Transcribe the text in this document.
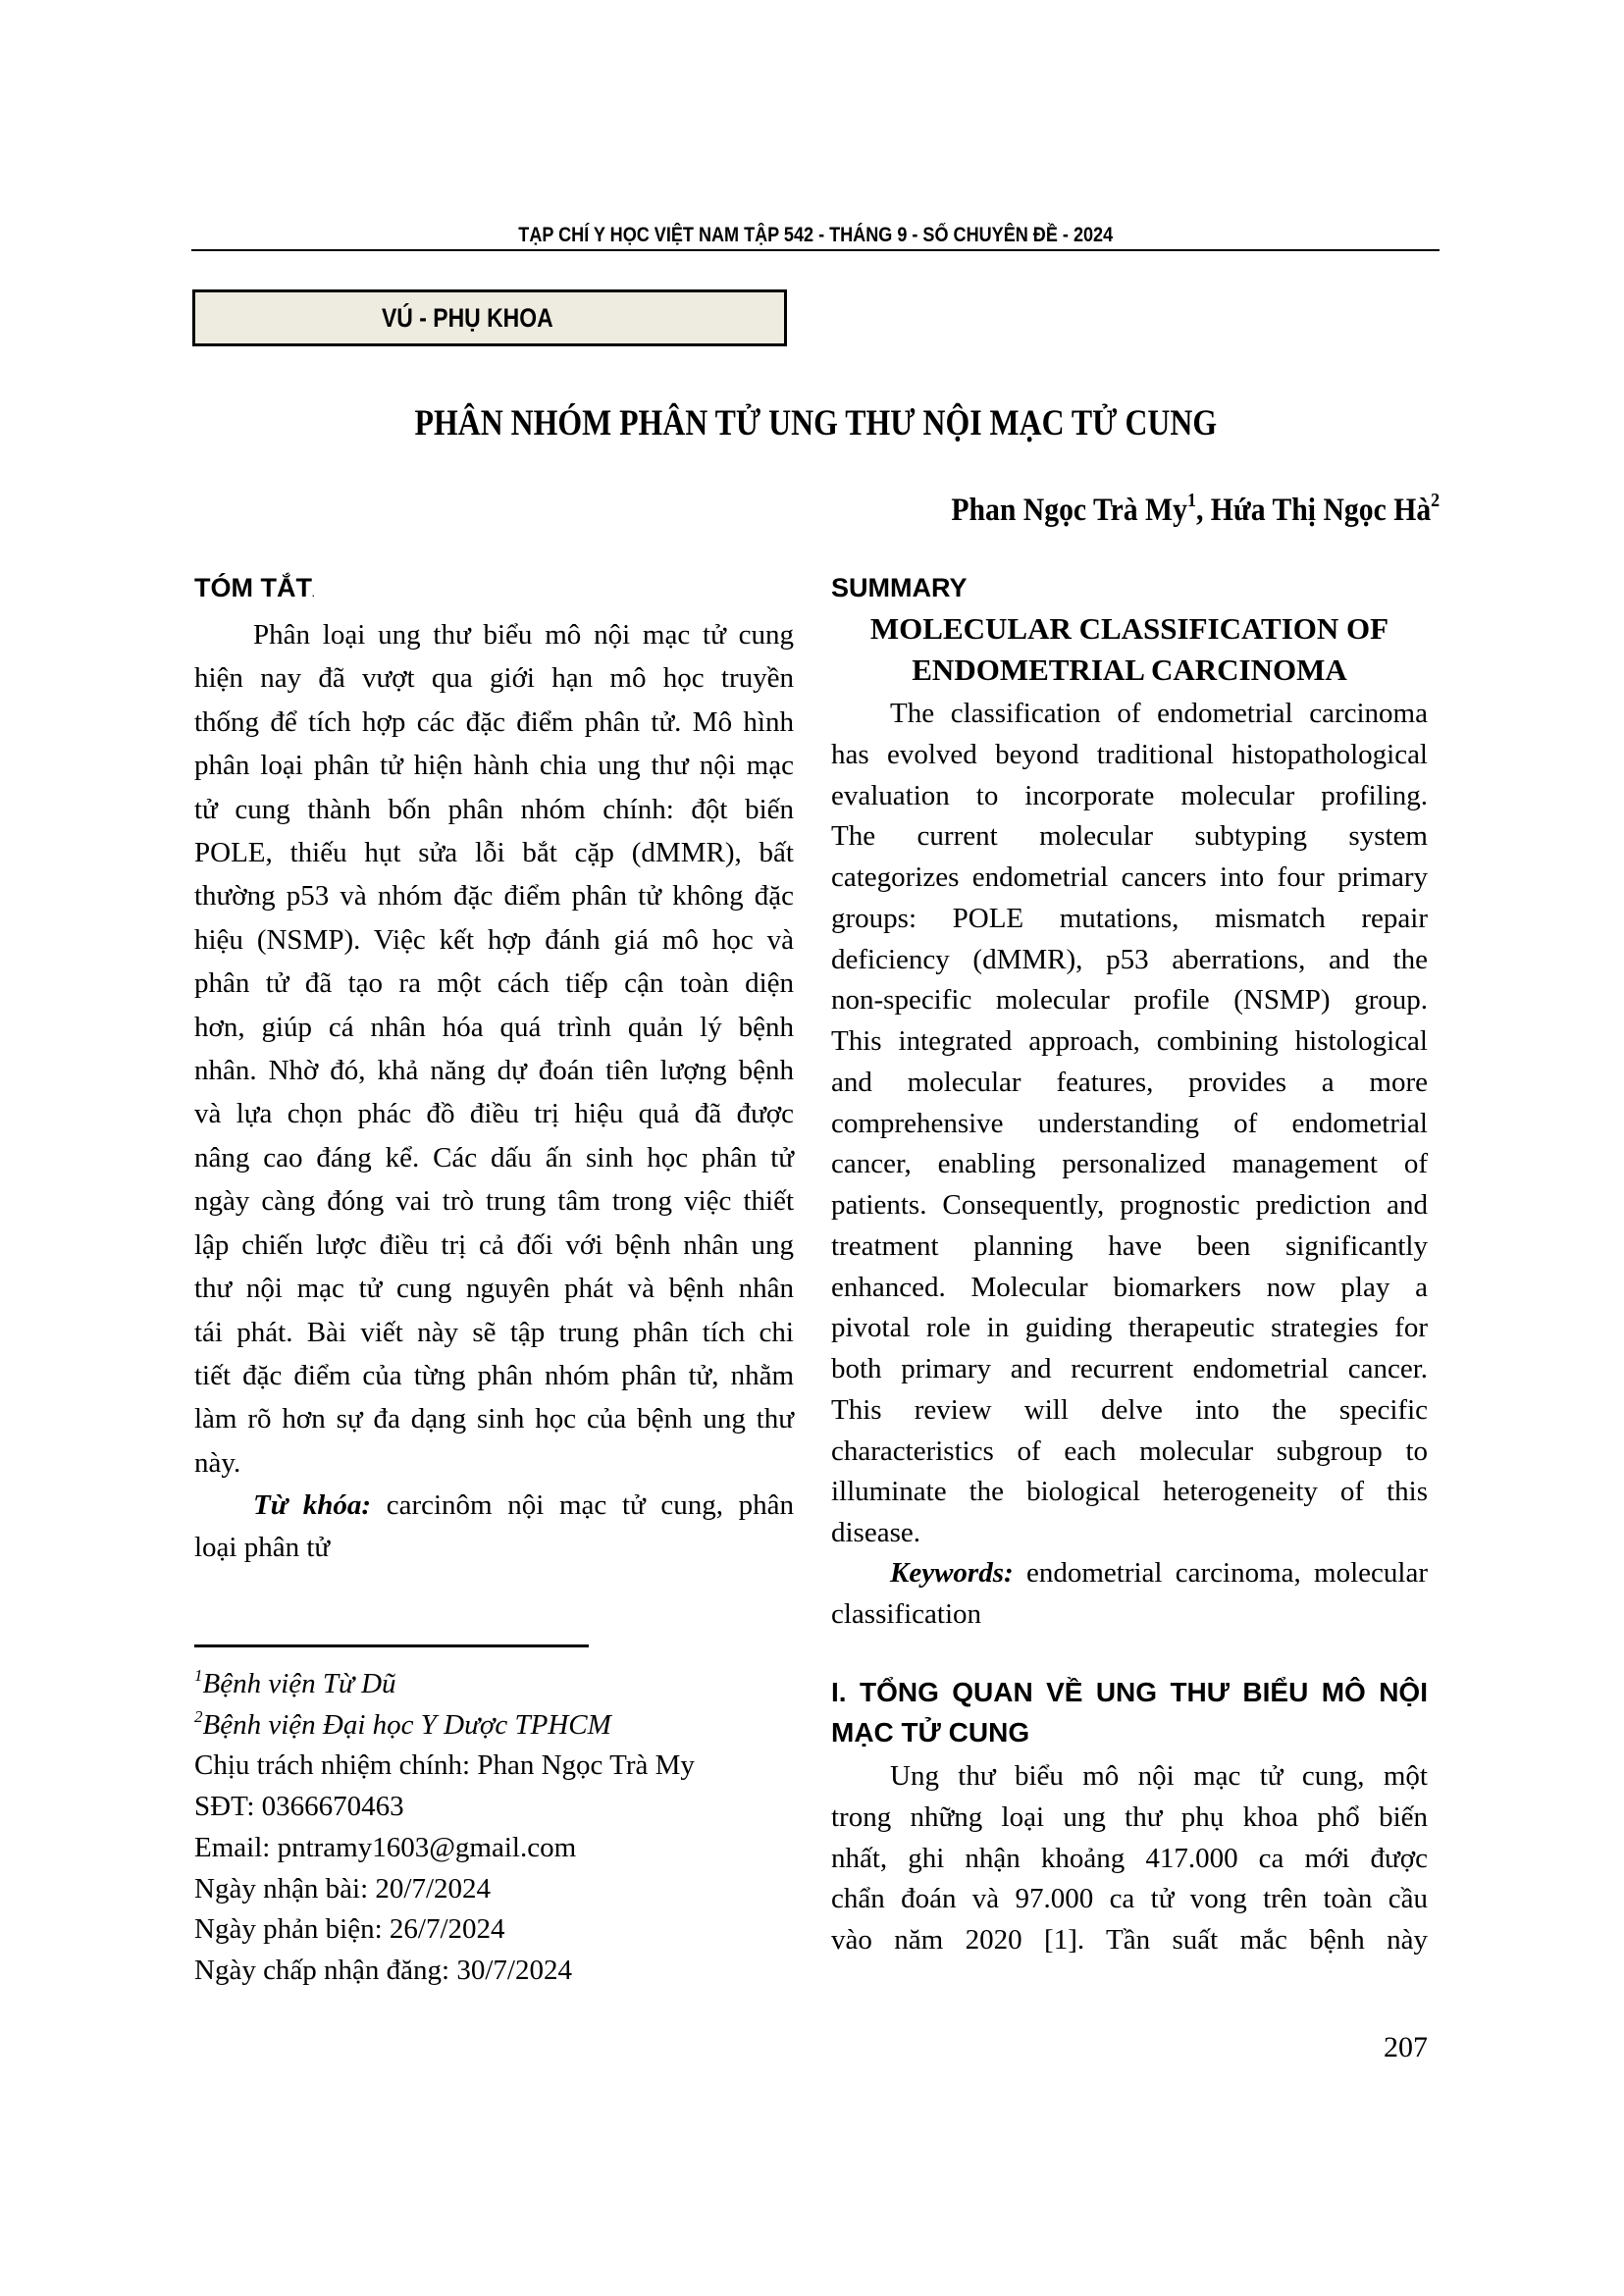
TẠP CHÍ Y HỌC VIỆT NAM TẬP 542 - THÁNG 9 - SỐ CHUYÊN ĐỀ - 2024
VÚ - PHỤ KHOA
PHÂN NHÓM PHÂN TỬ UNG THƯ NỘI MẠC TỬ CUNG
Phan Ngọc Trà My$^1$, Hứa Thị Ngọc $Hà^2$
TÓM TẮT.
Phân loại ung thư biểu mô nội mạc tử cung
hiện nay đã vượt qua giới hạn mô học truyền
thống để tích hợp các đặc điểm phân tử. Mô hình
phân loại phân tử hiện hành chia ung thư nội mạc
tử cung thành bốn phân nhóm chính: đột biến
POLE, thiếu hụt sửa lỗi bắt cặp (dMMR), bất
thường p53 và nhóm đặc điểm phân tử không đặc
hiệu (NSMP). Việc kết hợp đánh giá mô học và
phân tử đã tạo ra một cách tiếp cận toàn diện
hơn, giúp cá nhân hóa quá trình quản lý bệnh
nhân. Nhờ đó, khả năng dự đoán tiên lượng bệnh
và lựa chọn phác đồ điều trị hiệu quả đã được
nâng cao đáng kể. Các dấu ấn sinh học phân tử
ngày càng đóng vai trò trung tâm trong việc thiết
lập chiến lược điều trị cả đối với bệnh nhân ung
thư nội mạc tử cung nguyên phát và bệnh nhân
tái phát. Bài viết này sẽ tập trung phân tích chi
tiết đặc điểm của từng phân nhóm phân tử, nhằm
làm rõ hơn sự đa dạng sinh học của bệnh ung thư
này.
Từ khóa: carcinôm nội mạc tử cung, phân
loại phân tử
$^1$Bệnh viện Từ Dũ
$^2$Bệnh viện Đại học Y Dược TPHCM
Chịu trách nhiệm chính: Phan Ngọc Trà My
SĐT: 0366670463
Email: pntramy1603@gmail.com
Ngày nhận bài: 20/7/2024
Ngày phản biện: 26/7/2024
Ngày chấp nhận đăng: 30/7/2024
SUMMARY
MOLECULAR CLASSIFICATION OF
ENDOMETRIAL CARCINOMA
The classification of endometrial carcinoma
has evolved beyond traditional histopathological
evaluation to incorporate molecular profiling.
The current molecular subtyping system
categorizes endometrial cancers into four primary
groups: POLE mutations, mismatch repair
deficiency (dMMR), p53 aberrations, and the
non-specific molecular profile (NSMP) group.
This integrated approach, combining histological
and molecular features, provides a more
comprehensive understanding of endometrial
cancer, enabling personalized management of
patients. Consequently, prognostic prediction and
treatment planning have been significantly
enhanced. Molecular biomarkers now play a
pivotal role in guiding therapeutic strategies for
both primary and recurrent endometrial cancer.
This review will delve into the specific
characteristics of each molecular subgroup to
illuminate the biological heterogeneity of this
disease.
Keywords: endometrial carcinoma, molecular
classification
I. TỔNG QUAN VỀ UNG THƯ BIỂU MÔ NỘI
MẠC TỬ CUNG
Ung thư biểu mô nội mạc tử cung, một
trong những loại ung thư phụ khoa phổ biến
nhất, ghi nhận khoảng 417.000 ca mới được
chẩn đoán và 97.000 ca tử vong trên toàn cầu
vào năm 2020 [1]. Tần suất mắc bệnh này
207
